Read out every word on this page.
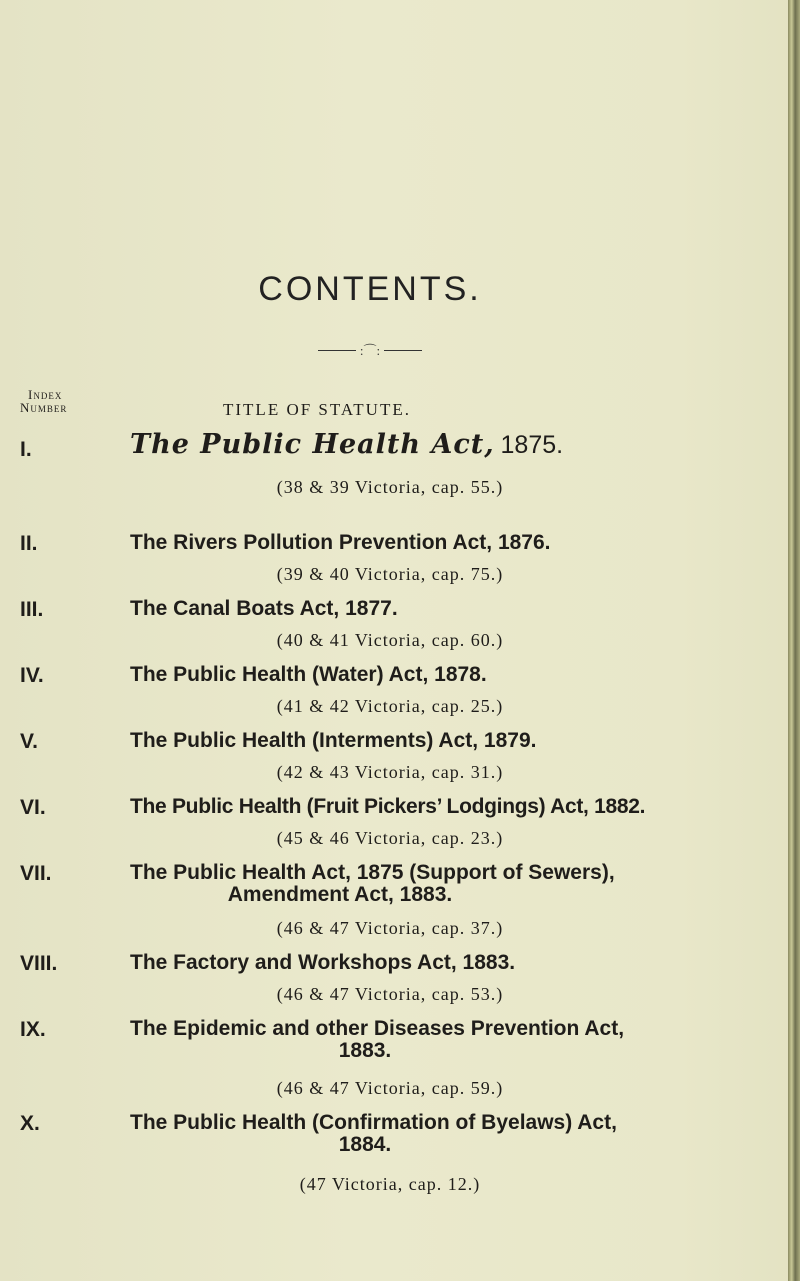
CONTENTS.
:⌒:
Index
Number	TITLE OF STATUTE.
I.	The Public Health Act, 1875.
(38 & 39 Victoria, cap. 55.)
II.	The Rivers Pollution Prevention Act, 1876.
(39 & 40 Victoria, cap. 75.)
III.	The Canal Boats Act, 1877.
(40 & 41 Victoria, cap. 60.)
IV.	The Public Health (Water) Act, 1878.
(41 & 42 Victoria, cap. 25.)
V.	The Public Health (Interments) Act, 1879.
(42 & 43 Victoria, cap. 31.)
VI.	The Public Health (Fruit Pickers’ Lodgings) Act, 1882.
(45 & 46 Victoria, cap. 23.)
VII.	The Public Health Act, 1875 (Support of Sewers),
Amendment Act, 1883.
(46 & 47 Victoria, cap. 37.)
VIII.	The Factory and Workshops Act, 1883.
(46 & 47 Victoria, cap. 53.)
IX.	The Epidemic and other Diseases Prevention Act,
1883.
(46 & 47 Victoria, cap. 59.)
X.	The Public Health (Confirmation of Byelaws) Act,
1884.
(47 Victoria, cap. 12.)
